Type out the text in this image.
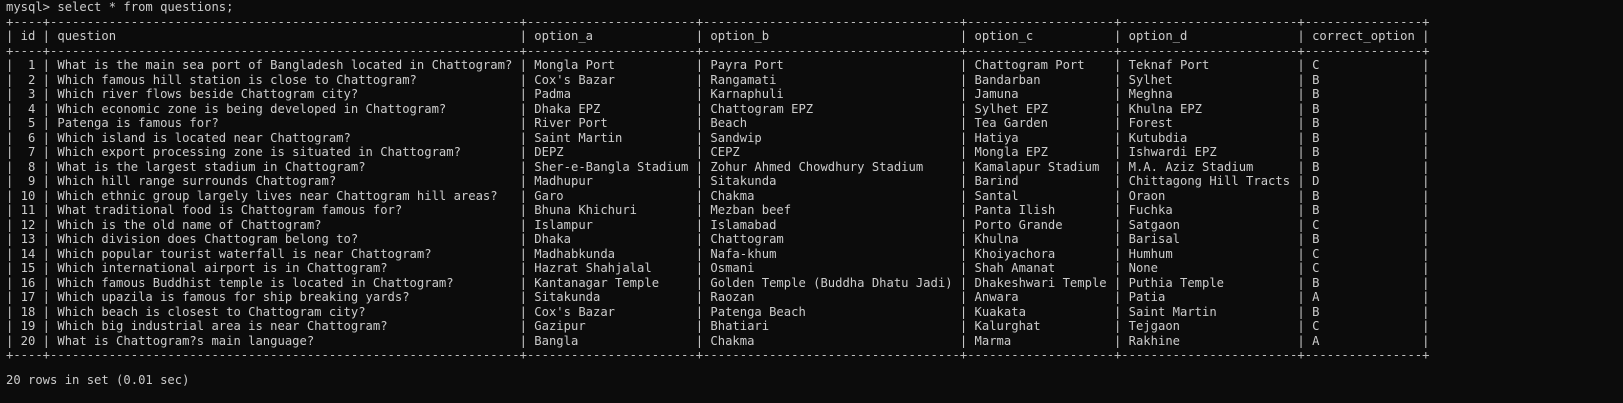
mysql> select * from questions;
+----+----------------------------------------------------------------+-----------------------+-----------------------------------+--------------------+------------------------+----------------+
| id | question                                                       | option_a              | option_b                          | option_c           | option_d               | correct_option |
+----+----------------------------------------------------------------+-----------------------+-----------------------------------+--------------------+------------------------+----------------+
|  1 | What is the main sea port of Bangladesh located in Chattogram? | Mongla Port           | Payra Port                        | Chattogram Port    | Teknaf Port            | C              |
|  2 | Which famous hill station is close to Chattogram?              | Cox's Bazar           | Rangamati                         | Bandarban          | Sylhet                 | B              |
|  3 | Which river flows beside Chattogram city?                      | Padma                 | Karnaphuli                        | Jamuna             | Meghna                 | B              |
|  4 | Which economic zone is being developed in Chattogram?          | Dhaka EPZ             | Chattogram EPZ                    | Sylhet EPZ         | Khulna EPZ             | B              |
|  5 | Patenga is famous for?                                         | River Port            | Beach                             | Tea Garden         | Forest                 | B              |
|  6 | Which island is located near Chattogram?                       | Saint Martin          | Sandwip                           | Hatiya             | Kutubdia               | B              |
|  7 | Which export processing zone is situated in Chattogram?        | DEPZ                  | CEPZ                              | Mongla EPZ         | Ishwardi EPZ           | B              |
|  8 | What is the largest stadium in Chattogram?                     | Sher-e-Bangla Stadium | Zohur Ahmed Chowdhury Stadium     | Kamalapur Stadium  | M.A. Aziz Stadium      | B              |
|  9 | Which hill range surrounds Chattogram?                         | Madhupur              | Sitakunda                         | Barind             | Chittagong Hill Tracts | D              |
| 10 | Which ethnic group largely lives near Chattogram hill areas?   | Garo                  | Chakma                            | Santal             | Oraon                  | B              |
| 11 | What traditional food is Chattogram famous for?                | Bhuna Khichuri        | Mezban beef                       | Panta Ilish        | Fuchka                 | B              |
| 12 | Which is the old name of Chattogram?                           | Islampur              | Islamabad                         | Porto Grande       | Satgaon                | C              |
| 13 | Which division does Chattogram belong to?                      | Dhaka                 | Chattogram                        | Khulna             | Barisal                | B              |
| 14 | Which popular tourist waterfall is near Chattogram?            | Madhabkunda           | Nafa-khum                         | Khoiyachora        | Humhum                 | C              |
| 15 | Which international airport is in Chattogram?                  | Hazrat Shahjalal      | Osmani                            | Shah Amanat        | None                   | C              |
| 16 | Which famous Buddhist temple is located in Chattogram?         | Kantanagar Temple     | Golden Temple (Buddha Dhatu Jadi) | Dhakeshwari Temple | Puthia Temple          | B              |
| 17 | Which upazila is famous for ship breaking yards?               | Sitakunda             | Raozan                            | Anwara             | Patia                  | A              |
| 18 | Which beach is closest to Chattogram city?                     | Cox's Bazar           | Patenga Beach                     | Kuakata            | Saint Martin           | B              |
| 19 | Which big industrial area is near Chattogram?                  | Gazipur               | Bhatiari                          | Kalurghat          | Tejgaon                | C              |
| 20 | What is Chattogram?s main language?                            | Bangla                | Chakma                            | Marma              | Rakhine                | A              |
+----+----------------------------------------------------------------+-----------------------+-----------------------------------+--------------------+------------------------+----------------+
20 rows in set (0.01 sec)
